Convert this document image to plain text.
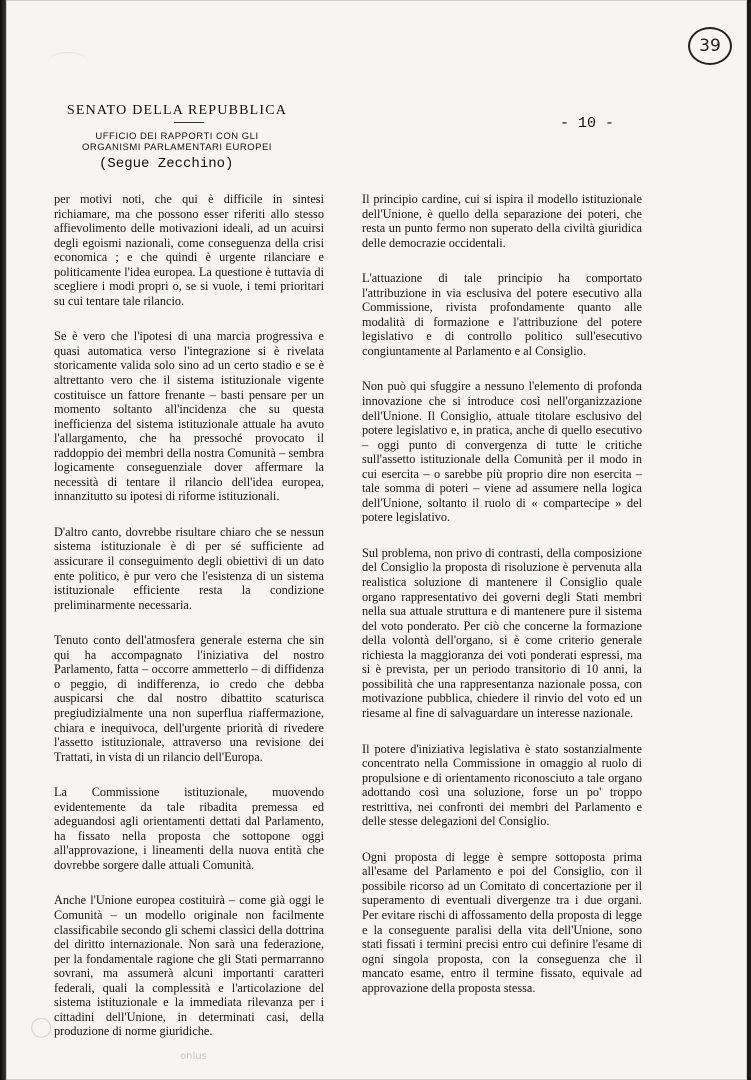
39
SENATO DELLA REPUBBLICA
UFFICIO DEI RAPPORTI CON GLI
ORGANISMI PARLAMENTARI EUROPEI
(Segue Zecchino)
- 10 -

per motivi noti, che qui è difficile in sintesi richiamare, ma che possono esser riferiti allo stesso affievolimento delle motivazioni ideali, ad un acuirsi degli egoismi nazionali, come conseguenza della crisi economica ; e che quindi è urgente rilanciare e politicamente l'idea europea. La questione è tuttavia di scegliere i modi propri o, se si vuole, i temi prioritari su cui tentare tale rilancio.

Se è vero che l'ipotesi di una marcia progressiva e quasi automatica verso l'integrazione si è rivelata storicamente valida solo sino ad un certo stadio e se è altrettanto vero che il sistema istituzionale vigente costituisce un fattore frenante – basti pensare per un momento soltanto all'incidenza che su questa inefficienza del sistema istituzionale attuale ha avuto l'allargamento, che ha pressoché provocato il raddoppio dei membri della nostra Comunità – sembra logicamente conseguenziale dover affermare la necessità di tentare il rilancio dell'idea europea, innanzitutto su ipotesi di riforme istituzionali.

D'altro canto, dovrebbe risultare chiaro che se nessun sistema istituzionale è di per sé sufficiente ad assicurare il conseguimento degli obiettivi di un dato ente politico, è pur vero che l'esistenza di un sistema istituzionale efficiente resta la condizione preliminarmente necessaria.

Tenuto conto dell'atmosfera generale esterna che sin qui ha accompagnato l'iniziativa del nostro Parlamento, fatta – occorre ammetterlo – di diffidenza o peggio, di indifferenza, io credo che debba auspicarsi che dal nostro dibattito scaturisca pregiudizialmente una non superflua riaffermazione, chiara e inequivoca, dell'urgente priorità di rivedere l'assetto istituzionale, attraverso una revisione dei Trattati, in vista di un rilancio dell'Europa.

La Commissione istituzionale, muovendo evidentemente da tale ribadita premessa ed adeguandosi agli orientamenti dettati dal Parlamento, ha fissato nella proposta che sottopone oggi all'approvazione, i lineamenti della nuova entità che dovrebbe sorgere dalle attuali Comunità.

Anche l'Unione europea costituirà – come già oggi le Comunità – un modello originale non facilmente classificabile secondo gli schemi classici della dottrina del diritto internazionale. Non sarà una federazione, per la fondamentale ragione che gli Stati permarranno sovrani, ma assumerà alcuni importanti caratteri federali, quali la complessità e l'articolazione del sistema istituzionale e la immediata rilevanza per i cittadini dell'Unione, in determinati casi, della produzione di norme giuridiche.

Il principio cardine, cui si ispira il modello istituzionale dell'Unione, è quello della separazione dei poteri, che resta un punto fermo non superato della civiltà giuridica delle democrazie occidentali.

L'attuazione di tale principio ha comportato l'attribuzione in via esclusiva del potere esecutivo alla Commissione, rivista profondamente quanto alle modalità di formazione e l'attribuzione del potere legislativo e di controllo politico sull'esecutivo congiuntamente al Parlamento e al Consiglio.

Non può qui sfuggire a nessuno l'elemento di profonda innovazione che si introduce così nell'organizzazione dell'Unione. Il Consiglio, attuale titolare esclusivo del potere legislativo e, in pratica, anche di quello esecutivo – oggi punto di convergenza di tutte le critiche sull'assetto istituzionale della Comunità per il modo in cui esercita – o sarebbe più proprio dire non esercita – tale somma di poteri – viene ad assumere nella logica dell'Unione, soltanto il ruolo di « compartecipe » del potere legislativo.

Sul problema, non privo di contrasti, della composizione del Consiglio la proposta di risoluzione è pervenuta alla realistica soluzione di mantenere il Consiglio quale organo rappresentativo dei governi degli Stati membri nella sua attuale struttura e di mantenere pure il sistema del voto ponderato. Per ciò che concerne la formazione della volontà dell'organo, si è come criterio generale richiesta la maggioranza dei voti ponderati espressi, ma si è prevista, per un periodo transitorio di 10 anni, la possibilità che una rappresentanza nazionale possa, con motivazione pubblica, chiedere il rinvio del voto ed un riesame al fine di salvaguardare un interesse nazionale.

Il potere d'iniziativa legislativa è stato sostanzialmente concentrato nella Commissione in omaggio al ruolo di propulsione e di orientamento riconosciuto a tale organo adottando così una soluzione, forse un po' troppo restrittiva, nei confronti dei membri del Parlamento e delle stesse delegazioni del Consiglio.

Ogni proposta di legge è sempre sottoposta prima all'esame del Parlamento e poi del Consiglio, con il possibile ricorso ad un Comitato di concertazione per il superamento di eventuali divergenze tra i due organi. Per evitare rischi di affossamento della proposta di legge e la conseguente paralisi della vita dell'Unione, sono stati fissati i termini precisi entro cui definire l'esame di ogni singola proposta, con la conseguenza che il mancato esame, entro il termine fissato, equivale ad approvazione della proposta stessa.

◯
onlus
